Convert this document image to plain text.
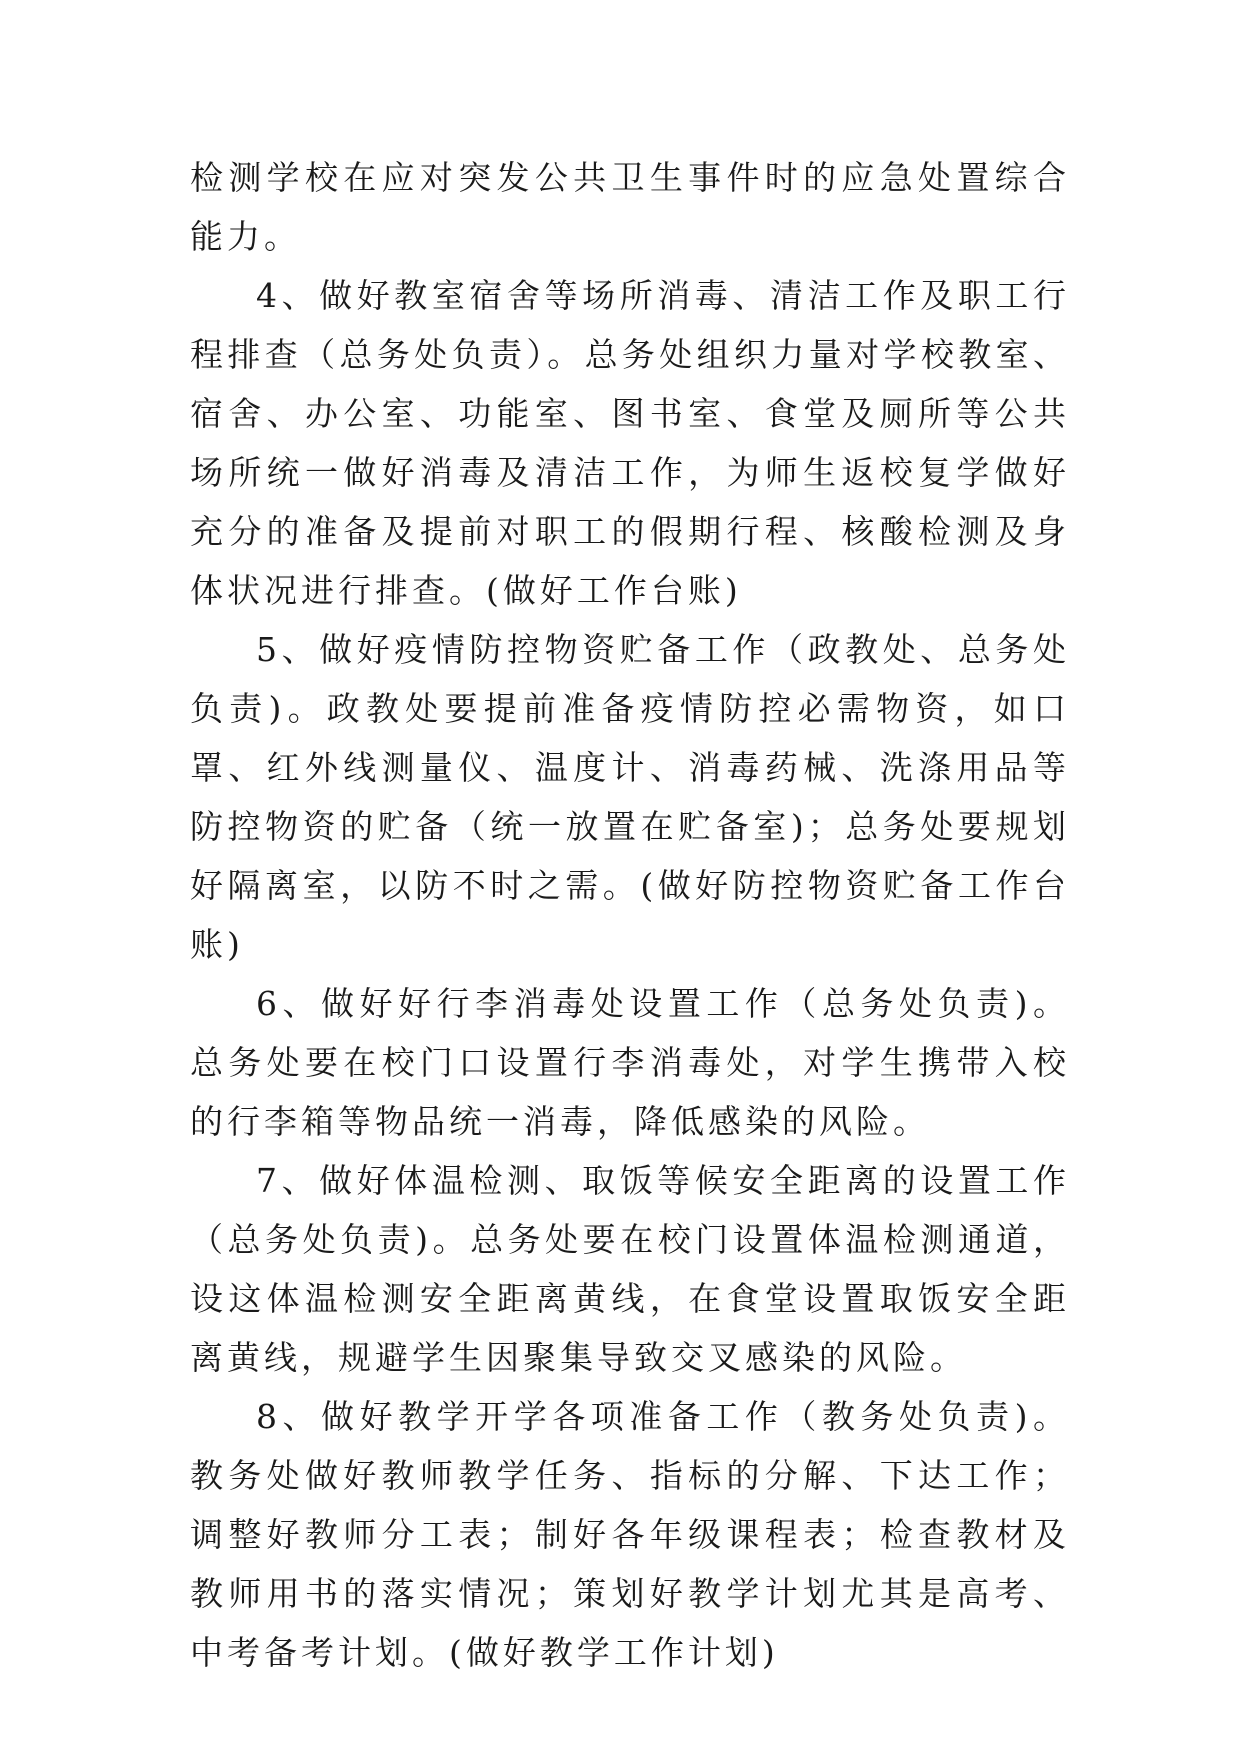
检测学校在应对突发公共卫生事件时的应急处置综合能力。

4、做好教室宿舍等场所消毒、清洁工作及职工行程排查（总务处负责）。总务处组织力量对学校教室、宿舍、办公室、功能室、图书室、食堂及厕所等公共场所统一做好消毒及清洁工作，为师生返校复学做好充分的准备及提前对职工的假期行程、核酸检测及身体状况进行排查。(做好工作台账)

5、做好疫情防控物资贮备工作（政教处、总务处负责)。政教处要提前准备疫情防控必需物资，如口罩、红外线测量仪、温度计、消毒药械、洗涤用品等防控物资的贮备（统一放置在贮备室)；总务处要规划好隔离室，以防不时之需。(做好防控物资贮备工作台账)

6、做好好行李消毒处设置工作（总务处负责)。总务处要在校门口设置行李消毒处，对学生携带入校的行李箱等物品统一消毒，降低感染的风险。

7、做好体温检测、取饭等候安全距离的设置工作（总务处负责)。总务处要在校门设置体温检测通道，设这体温检测安全距离黄线，在食堂设置取饭安全距离黄线，规避学生因聚集导致交叉感染的风险。

8、做好教学开学各项准备工作（教务处负责)。教务处做好教师教学任务、指标的分解、下达工作；调整好教师分工表；制好各年级课程表；检查教材及教师用书的落实情况；策划好教学计划尤其是高考、中考备考计划。(做好教学工作计划)
